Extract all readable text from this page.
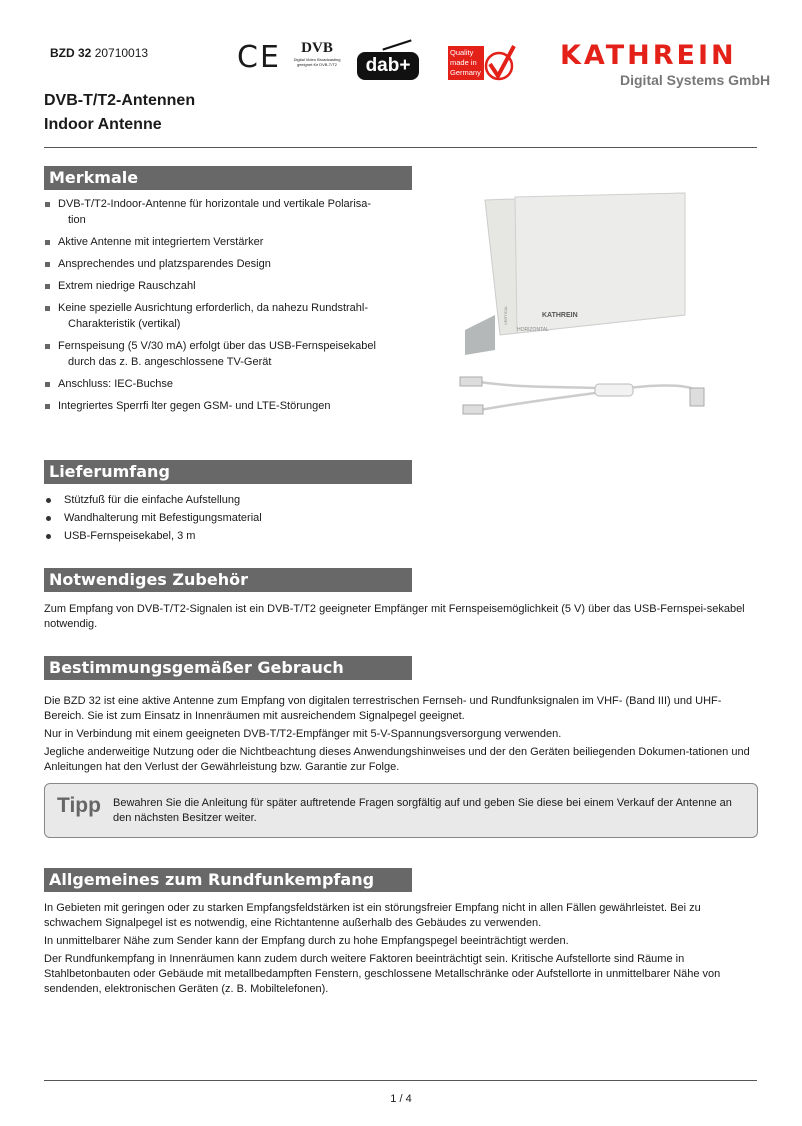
BZD 32 20710013	CE	DVB
Digital Video Broadcasting
geeignet für DVB-T/T2	dab+
Quality
made in
Germany
KATHREIN
Digital Systems GmbH
DVB-T/T2-Antennen
Indoor Antenne
Merkmale
DVB-T/T2-Indoor-Antenne für horizontale und vertikale Polarisa-
tion
Aktive Antenne mit integriertem Verstärker
Ansprechendes und platzsparendes Design
Extrem niedrige Rauschzahl
Keine spezielle Ausrichtung erforderlich, da nahezu Rundstrahl-
Charakteristik (vertikal)
Fernspeisung (5 V/30 mA) erfolgt über das USB-Fernspeisekabel
durch das z. B. angeschlossene TV-Gerät
Anschluss: IEC-Buchse
Integriertes Sperrfi lter gegen GSM- und LTE-Störungen
KATHREIN
HORIZONTAL
VERTICAL
Lieferumfang
Stützfuß für die einfache Aufstellung
Wandhalterung mit Befestigungsmaterial
USB-Fernspeisekabel, 3 m
Notwendiges Zubehör

Zum Empfang von DVB-T/T2-Signalen ist ein DVB-T/T2 geeigneter Empfänger mit Fernspeisemöglichkeit (5 V) über das USB-Fernspei-sekabel notwendig.

Bestimmungsgemäßer Gebrauch

Die BZD 32 ist eine aktive Antenne zum Empfang von digitalen terrestrischen Fernseh- und Rundfunksignalen im VHF- (Band III) und UHF-Bereich. Sie ist zum Einsatz in Innenräumen mit ausreichendem Signalpegel geeignet.

Nur in Verbindung mit einem geeigneten DVB-T/T2-Empfänger mit 5-V-Spannungsversorgung verwenden.

Jegliche anderweitige Nutzung oder die Nichtbeachtung dieses Anwendungshinweises und der den Geräten beiliegenden Dokumen-tationen und Anleitungen hat den Verlust der Gewährleistung bzw. Garantie zur Folge.

Tipp Bewahren Sie die Anleitung für später auftretende Fragen sorgfältig auf und geben Sie diese bei einem Verkauf der Antenne an den nächsten Besitzer weiter.
Allgemeines zum Rundfunkempfang

In Gebieten mit geringen oder zu starken Empfangsfeldstärken ist ein störungsfreier Empfang nicht in allen Fällen gewährleistet. Bei zu schwachem Signalpegel ist es notwendig, eine Richtantenne außerhalb des Gebäudes zu verwenden.

In unmittelbarer Nähe zum Sender kann der Empfang durch zu hohe Empfangspegel beeinträchtigt werden.

Der Rundfunkempfang in Innenräumen kann zudem durch weitere Faktoren beeinträchtigt sein. Kritische Aufstellorte sind Räume in Stahlbetonbauten oder Gebäude mit metallbedampften Fenstern, geschlossene Metallschränke oder Aufstellorte in unmittelbarer Nähe von sendenden, elektronischen Geräten (z. B. Mobiltelefonen).

1 / 4
